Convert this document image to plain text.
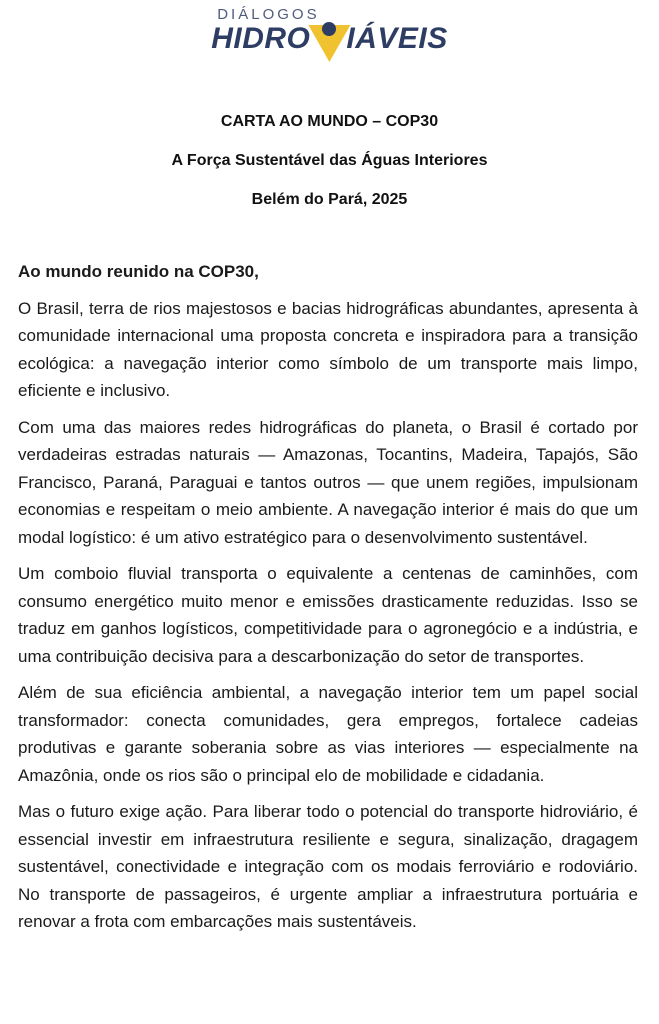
DIÁLOGOS
HIDRO IÁVEIS
CARTA AO MUNDO – COP30
A Força Sustentável das Águas Interiores
Belém do Pará, 2025

Ao mundo reunido na COP30,

O Brasil, terra de rios majestosos e bacias hidrográficas abundantes, apresenta à comunidade internacional uma proposta concreta e inspiradora para a transição ecológica: a navegação interior como símbolo de um transporte mais limpo, eficiente e inclusivo.

Com uma das maiores redes hidrográficas do planeta, o Brasil é cortado por verdadeiras estradas naturais — Amazonas, Tocantins, Madeira, Tapajós, São Francisco, Paraná, Paraguai e tantos outros — que unem regiões, impulsionam economias e respeitam o meio ambiente. A navegação interior é mais do que um modal logístico: é um ativo estratégico para o desenvolvimento sustentável.

Um comboio fluvial transporta o equivalente a centenas de caminhões, com consumo energético muito menor e emissões drasticamente reduzidas. Isso se traduz em ganhos logísticos, competitividade para o agronegócio e a indústria, e uma contribuição decisiva para a descarbonização do setor de transportes.

Além de sua eficiência ambiental, a navegação interior tem um papel social transformador: conecta comunidades, gera empregos, fortalece cadeias produtivas e garante soberania sobre as vias interiores — especialmente na Amazônia, onde os rios são o principal elo de mobilidade e cidadania.

Mas o futuro exige ação. Para liberar todo o potencial do transporte hidroviário, é essencial investir em infraestrutura resiliente e segura, sinalização, dragagem sustentável, conectividade e integração com os modais ferroviário e rodoviário. No transporte de passageiros, é urgente ampliar a infraestrutura portuária e renovar a frota com embarcações mais sustentáveis.
